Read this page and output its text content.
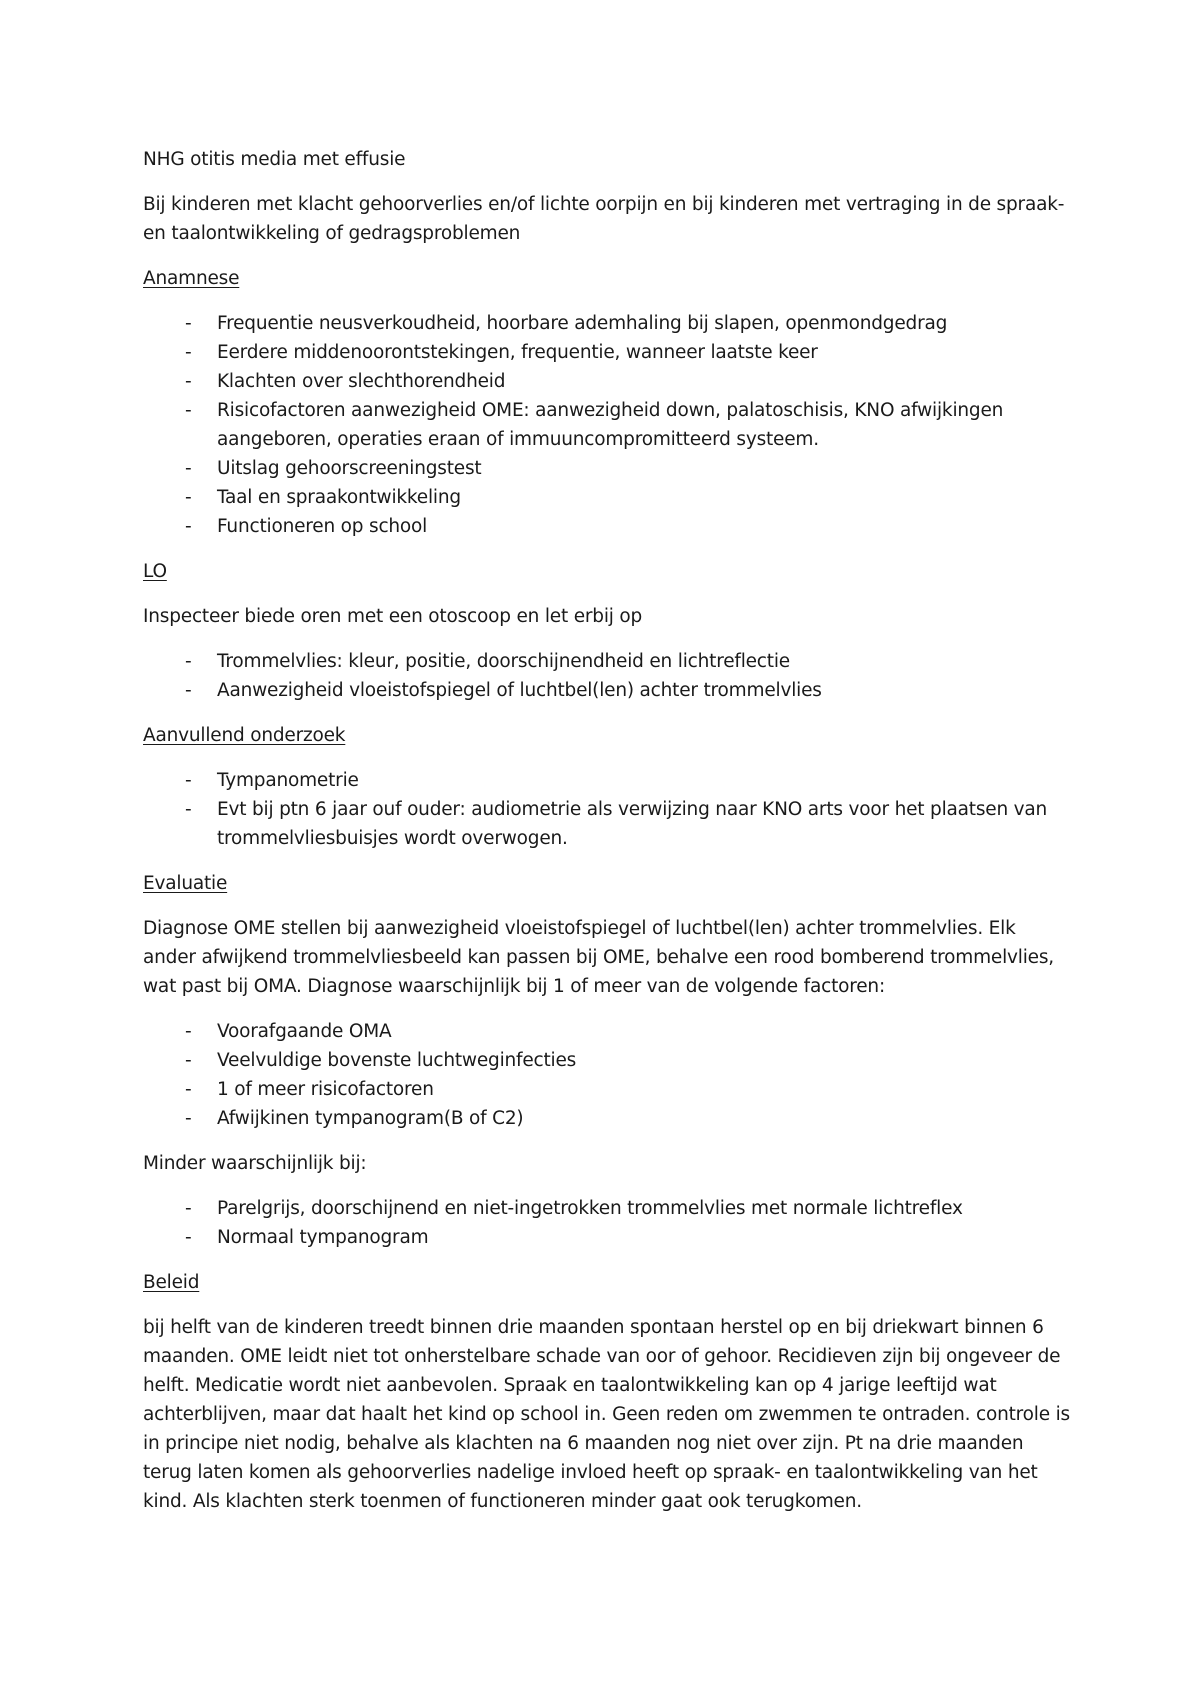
NHG otitis media met effusie

Bij kinderen met klacht gehoorverlies en/of lichte oorpijn en bij kinderen met vertraging in de spraak- en taalontwikkeling of gedragsproblemen

Anamnese
- Frequentie neusverkoudheid, hoorbare ademhaling bij slapen, openmondgedrag
- Eerdere middenoorontstekingen, frequentie, wanneer laatste keer
- Klachten over slechthorendheid
- Risicofactoren aanwezigheid OME: aanwezigheid down, palatoschisis, KNO afwijkingen aangeboren, operaties eraan of immuuncompromitteerd systeem.
- Uitslag gehoorscreeningstest
- Taal en spraakontwikkeling
- Functioneren op school
LO

Inspecteer biede oren met een otoscoop en let erbij op

- Trommelvlies: kleur, positie, doorschijnendheid en lichtreflectie
- Aanwezigheid vloeistofspiegel of luchtbel(len) achter trommelvlies
Aanvullend onderzoek
- Tympanometrie
- Evt bij ptn 6 jaar ouf ouder: audiometrie als verwijzing naar KNO arts voor het plaatsen van trommelvliesbuisjes wordt overwogen.
Evaluatie

Diagnose OME stellen bij aanwezigheid vloeistofspiegel of luchtbel(len) achter trommelvlies. Elk ander afwijkend trommelvliesbeeld kan passen bij OME, behalve een rood bomberend trommelvlies, wat past bij OMA. Diagnose waarschijnlijk bij 1 of meer van de volgende factoren:

- Voorafgaande OMA
- Veelvuldige bovenste luchtweginfecties
- 1 of meer risicofactoren
- Afwijkinen tympanogram(B of C2)

Minder waarschijnlijk bij:

- Parelgrijs, doorschijnend en niet-ingetrokken trommelvlies met normale lichtreflex
- Normaal tympanogram
Beleid

bij helft van de kinderen treedt binnen drie maanden spontaan herstel op en bij driekwart binnen 6 maanden. OME leidt niet tot onherstelbare schade van oor of gehoor. Recidieven zijn bij ongeveer de helft. Medicatie wordt niet aanbevolen. Spraak en taalontwikkeling kan op 4 jarige leeftijd wat achterblijven, maar dat haalt het kind op school in. Geen reden om zwemmen te ontraden. controle is in principe niet nodig, behalve als klachten na 6 maanden nog niet over zijn. Pt na drie maanden terug laten komen als gehoorverlies nadelige invloed heeft op spraak- en taalontwikkeling van het kind. Als klachten sterk toenmen of functioneren minder gaat ook terugkomen.
